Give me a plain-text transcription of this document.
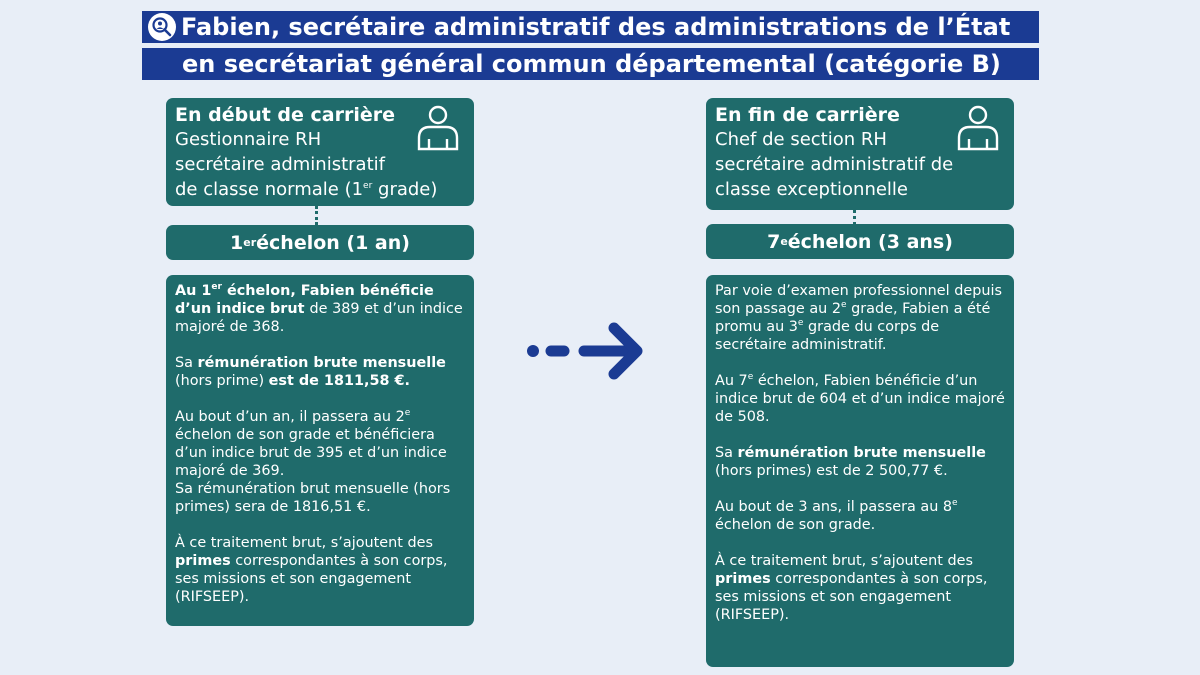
Fabien, secrétaire administratif des administrations de l’État
en secrétariat général commun départemental (catégorie B)
En début de carrière
Gestionnaire RH
secrétaire administratif
de classe normale (1er grade)
1 er échelon (1 an)

Au 1er échelon, Fabien bénéficie d’un indice brut de 389 et d’un indice majoré de 368.

Sa rémunération brute mensuelle (hors prime) est de 1811,58 €.

Au bout d’un an, il passera au 2e échelon de son grade et bénéficiera d’un indice brut de 395 et d’un indice majoré de 369.

Sa rémunération brut mensuelle (hors primes) sera de 1816,51 €.

À ce traitement brut, s’ajoutent des primes correspondantes à son corps, ses missions et son engagement (RIFSEEP).

En fin de carrière
Chef de section RH
secrétaire administratif de
classe exceptionnelle
7 e échelon (3 ans)

Par voie d’examen professionnel depuis son passage au 2e grade, Fabien a été promu au 3e grade du corps de secrétaire administratif.

Au 7e échelon, Fabien bénéficie d’un indice brut de 604 et d’un indice majoré de 508.

Sa rémunération brute mensuelle (hors primes) est de 2 500,77 €.

Au bout de 3 ans, il passera au 8e échelon de son grade.

À ce traitement brut, s’ajoutent des primes correspondantes à son corps, ses missions et son engagement (RIFSEEP).
